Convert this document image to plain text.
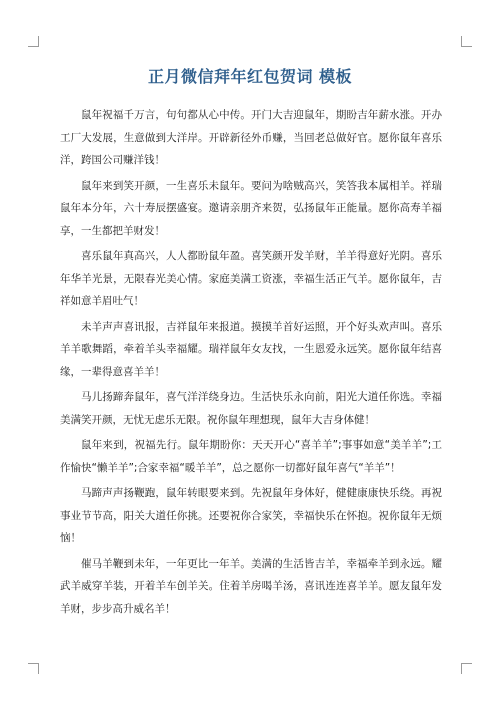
正月微信拜年红包贺词 模板

鼠年祝福千万言，句句都从心中传。开门大吉迎鼠年，期盼吉年薪水涨。开办工厂大发展，生意做到大洋岸。开辟新径外币赚，当回老总做好官。愿你鼠年喜乐洋，跨国公司赚洋钱！

鼠年来到笑开颜，一生喜乐未鼠年。要问为啥贼高兴，笑答我本属相羊。祥瑞鼠年本分年，六十寿辰摆盛宴。邀请亲朋齐来贺，弘扬鼠年正能量。愿你高寿羊福享，一生都把羊财发！

喜乐鼠年真高兴，人人都盼鼠年盈。喜笑颜开发羊财，羊羊得意好光阴。喜乐年华羊光景，无限春光美心情。家庭美满工资涨，幸福生活正气羊。愿你鼠年，吉祥如意羊眉吐气！

未羊声声喜讯报，吉祥鼠年来报道。摸摸羊首好运照，开个好头欢声叫。喜乐羊羊歌舞蹈，牵着羊头幸福耀。瑞祥鼠年女友找，一生恩爱永远笑。愿你鼠年结喜缘，一辈得意喜羊羊！

马儿扬蹄奔鼠年，喜气洋洋绕身边。生活快乐永向前，阳光大道任你选。幸福美满笑开颜，无忧无虑乐无限。祝你鼠年理想现，鼠年大吉身体健！

鼠年来到，祝福先行。鼠年期盼你：天天开心“喜羊羊”;事事如意“美羊羊”;工作愉快“懒羊羊”;合家幸福“暖羊羊”，总之愿你一切都好鼠年喜气“羊羊”！

马蹄声声扬鞭跑，鼠年转眼要来到。先祝鼠年身体好，健健康康快乐绕。再祝事业节节高，阳关大道任你挑。还要祝你合家笑，幸福快乐在怀抱。祝你鼠年无烦恼！

催马羊鞭到未年，一年更比一年羊。美满的生活皆吉羊，幸福牵羊到永远。耀武羊威穿羊装，开着羊车创羊关。住着羊房喝羊汤，喜讯连连喜羊羊。愿友鼠年发羊财，步步高升威名羊！
